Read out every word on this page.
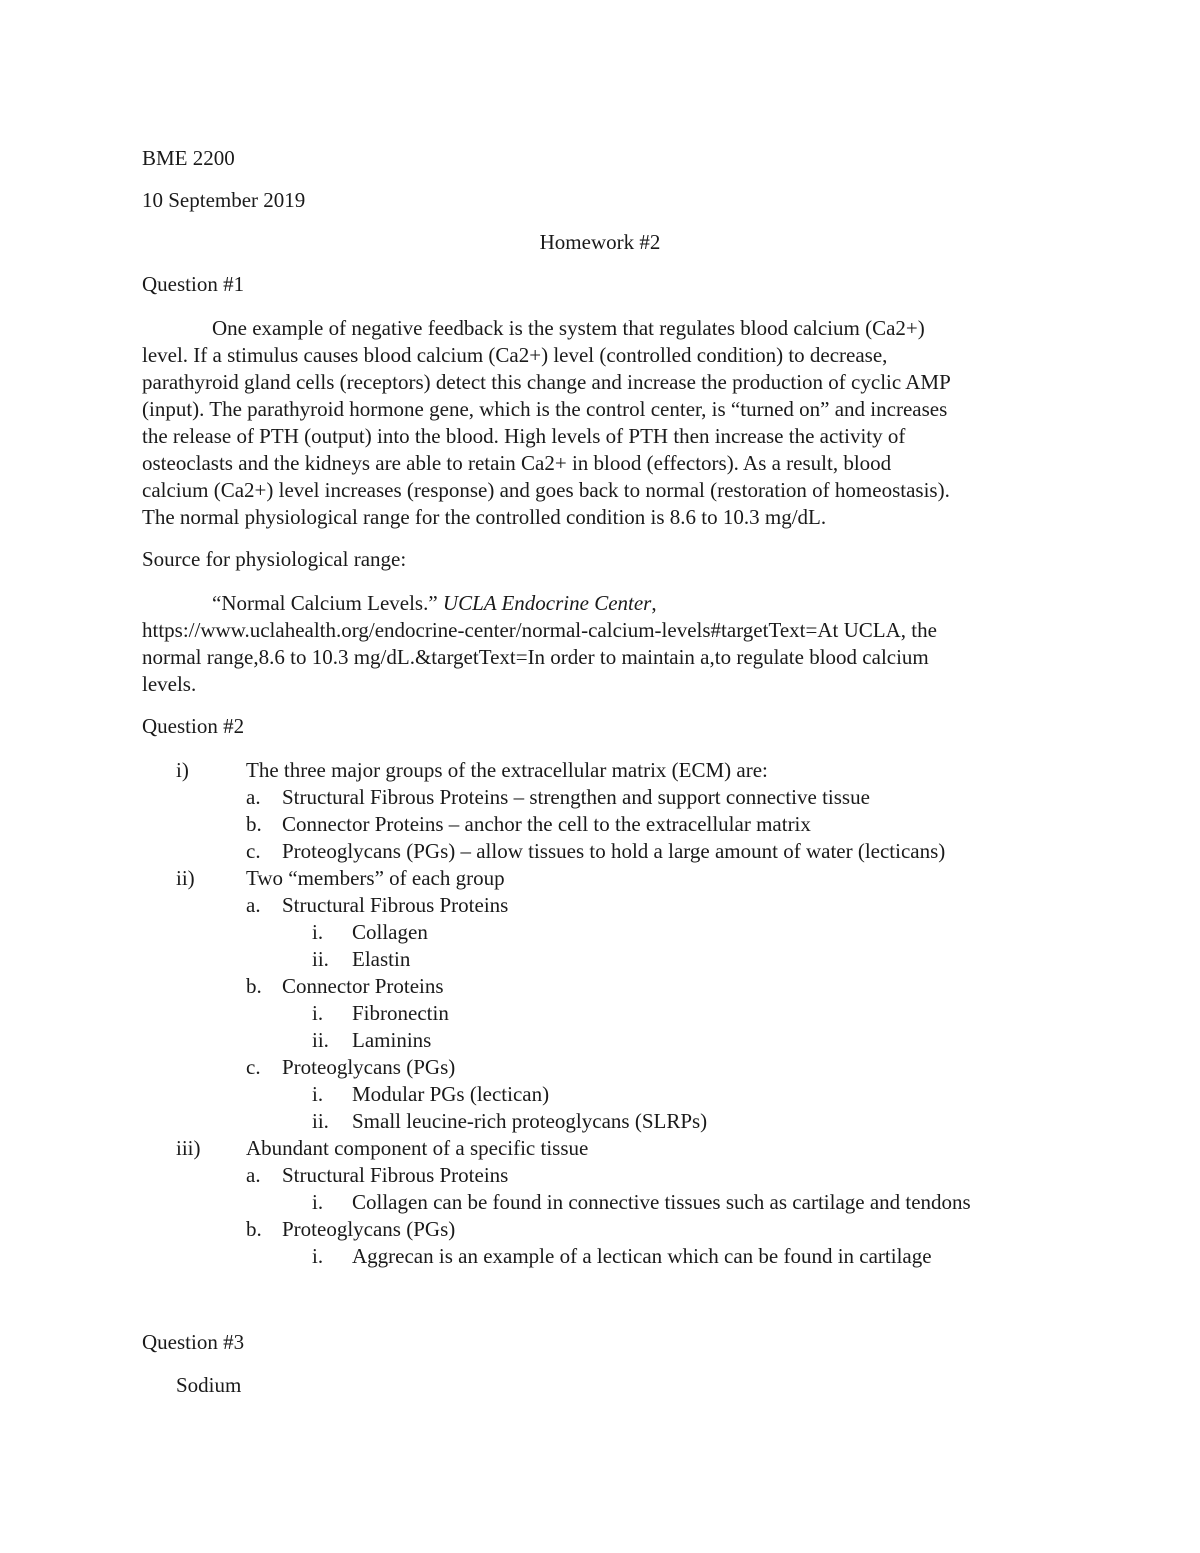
BME 2200
10 September 2019
Homework #2
Question #1
One example of negative feedback is the system that regulates blood calcium (Ca2+)
level. If a stimulus causes blood calcium (Ca2+) level (controlled condition) to decrease,
parathyroid gland cells (receptors) detect this change and increase the production of cyclic AMP
(input). The parathyroid hormone gene, which is the control center, is “turned on” and increases
the release of PTH (output) into the blood. High levels of PTH then increase the activity of
osteoclasts and the kidneys are able to retain Ca2+ in blood (effectors). As a result, blood
calcium (Ca2+) level increases (response) and goes back to normal (restoration of homeostasis).
The normal physiological range for the controlled condition is 8.6 to 10.3 mg/dL.
Source for physiological range:
“Normal Calcium Levels.” UCLA Endocrine Center,
https://www.uclahealth.org/endocrine-center/normal-calcium-levels#targetText=At UCLA, the
normal range,8.6 to 10.3 mg/dL.&targetText=In order to maintain a,to regulate blood calcium
levels.
Question #2
i)	The three major groups of the extracellular matrix (ECM) are:
a. Structural Fibrous Proteins – strengthen and support connective tissue
b. Connector Proteins – anchor the cell to the extracellular matrix
c. Proteoglycans (PGs) – allow tissues to hold a large amount of water (lecticans)
ii) Two “members” of each group
a. Structural Fibrous Proteins
i. Collagen
ii. Elastin
b. Connector Proteins
i. Fibronectin
ii. Laminins
c. Proteoglycans (PGs)
i. Modular PGs (lectican)
ii. Small leucine-rich proteoglycans (SLRPs)
iii) Abundant component of a specific tissue
a. Structural Fibrous Proteins
i. Collagen can be found in connective tissues such as cartilage and tendons
b. Proteoglycans (PGs)
i. Aggrecan is an example of a lectican which can be found in cartilage
Question #3
Sodium
